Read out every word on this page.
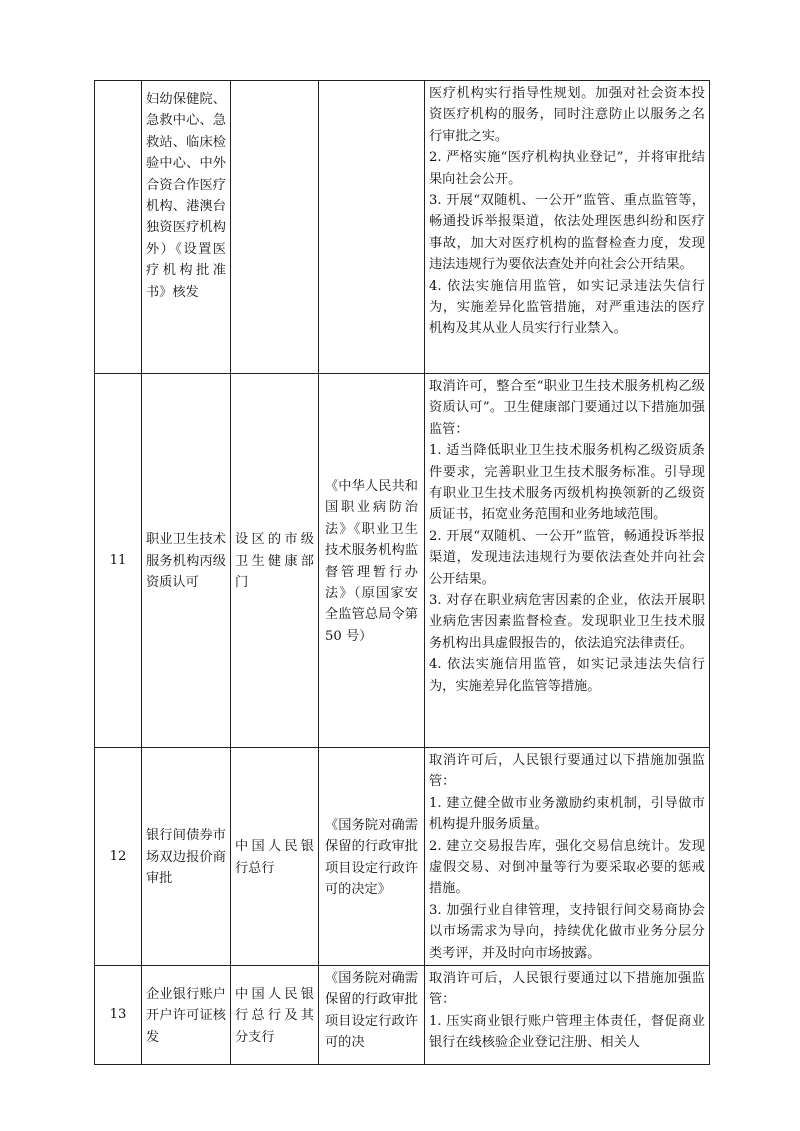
	妇幼保健院、急救中心、急救站、临床检验中心、中外合资合作医疗机构、港澳台独资医疗机构外）《设置医疗机构批准书》核发			医疗机构实行指导性规划。加强对社会资本投资医疗机构的服务，同时注意防止以服务之名行审批之实。
2. 严格实施“医疗机构执业登记”，并将审批结果向社会公开。
3. 开展“双随机、一公开”监管、重点监管等，畅通投诉举报渠道，依法处理医患纠纷和医疗事故，加大对医疗机构的监督检查力度，发现违法违规行为要依法查处并向社会公开结果。
4. 依法实施信用监管，如实记录违法失信行为，实施差异化监管措施，对严重违法的医疗机构及其从业人员实行行业禁入。

11	职业卫生技术服务机构丙级资质认可	设区的市级卫生健康部门	《中华人民共和国职业病防治法》《职业卫生技术服务机构监督管理暂行办法》（原国家安全监管总局令第 50 号）	取消许可，整合至“职业卫生技术服务机构乙级资质认可”。卫生健康部门要通过以下措施加强监管：
1. 适当降低职业卫生技术服务机构乙级资质条件要求，完善职业卫生技术服务标准。引导现有职业卫生技术服务丙级机构换领新的乙级资质证书，拓宽业务范围和业务地域范围。
2. 开展“双随机、一公开”监管，畅通投诉举报渠道，发现违法违规行为要依法查处并向社会公开结果。
3. 对存在职业病危害因素的企业，依法开展职业病危害因素监督检查。发现职业卫生技术服务机构出具虚假报告的，依法追究法律责任。
4. 依法实施信用监管，如实记录违法失信行为，实施差异化监管等措施。

12	银行间债券市场双边报价商审批	中国人民银行总行	《国务院对确需保留的行政审批项目设定行政许可的决定》	取消许可后，人民银行要通过以下措施加强监管：
1. 建立健全做市业务激励约束机制，引导做市机构提升服务质量。
2. 建立交易报告库，强化交易信息统计。发现虚假交易、对倒冲量等行为要采取必要的惩戒措施。
3. 加强行业自律管理，支持银行间交易商协会以市场需求为导向，持续优化做市业务分层分类考评，并及时向市场披露。

13	企业银行账户开户许可证核发	中国人民银行总行及其分支行	《国务院对确需保留的行政审批项目设定行政许可的决	取消许可后，人民银行要通过以下措施加强监管：
1. 压实商业银行账户管理主体责任，督促商业银行在线核验企业登记注册、相关人
